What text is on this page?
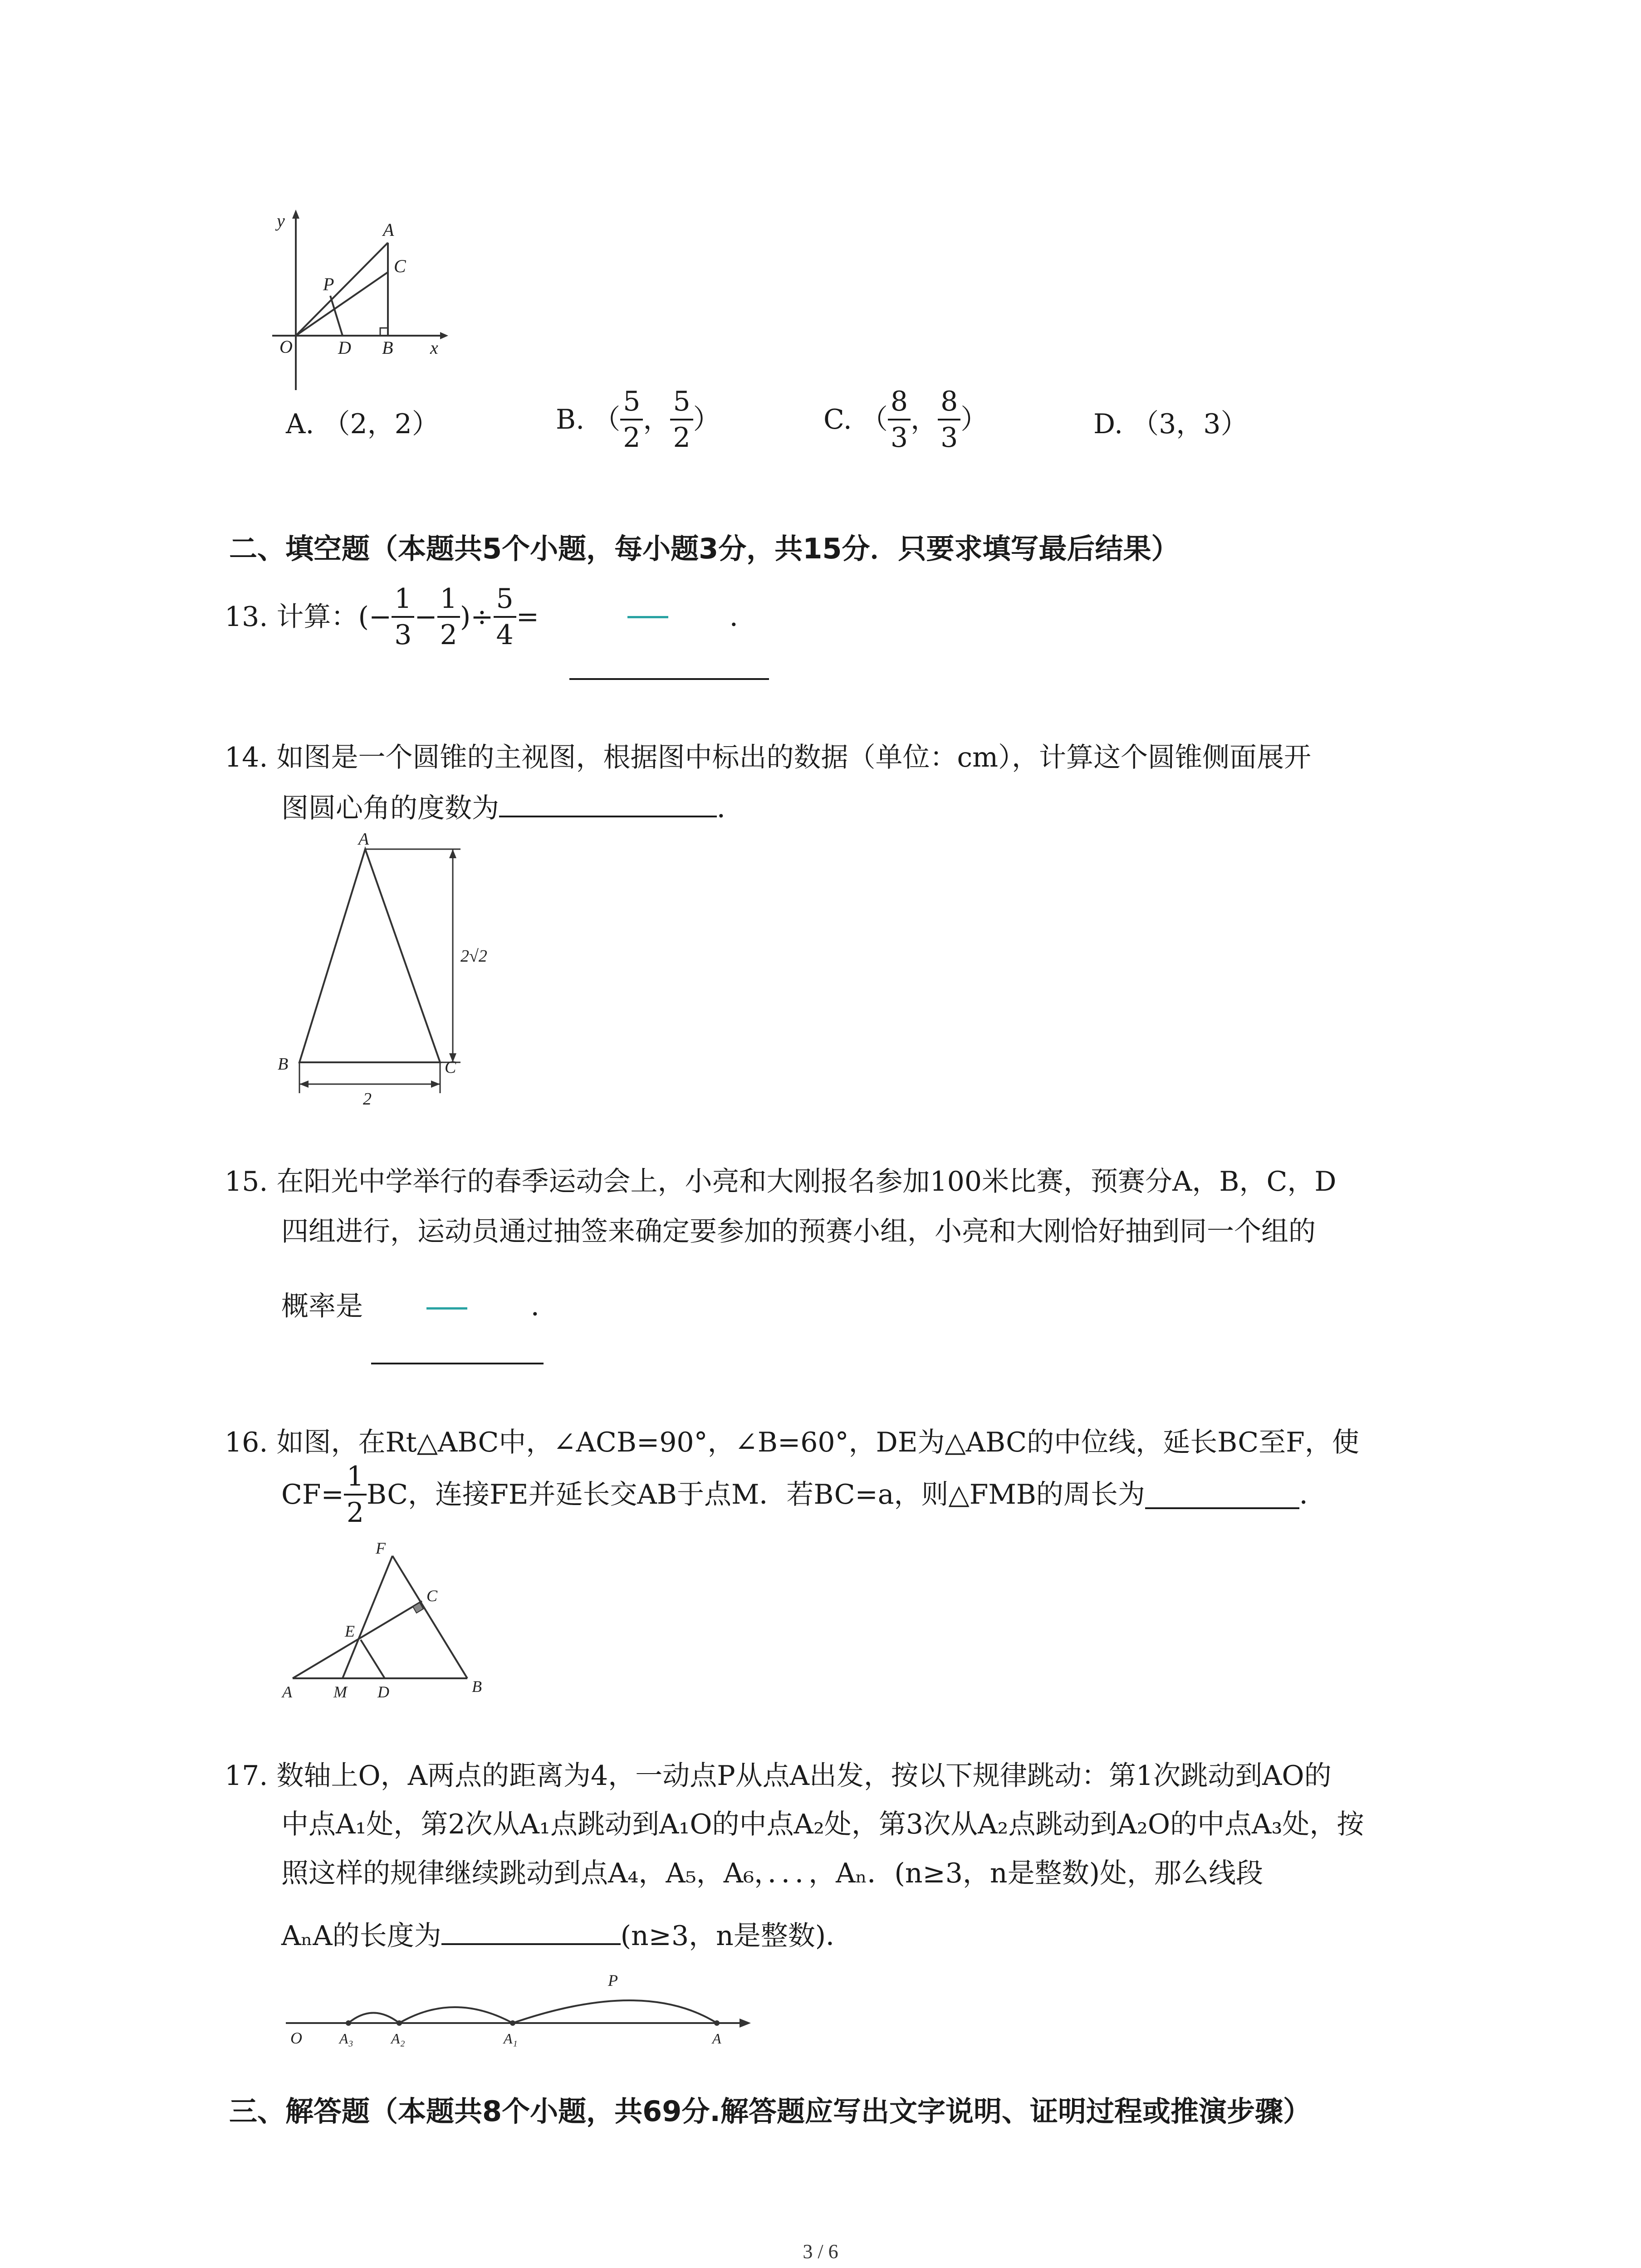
y
x
O
A
C
P
D B
A. （2，2）	B. （ $\frac{5}{2}$ ， $\frac{5}{2}$ ）	C. （ $\frac{8}{3}$ ， $\frac{8}{3}$ ）	D. （3，3）
二、填空题（本题共5个小题，每小题3分，共15分．只要求填写最后结果）
13.
计算： (− $\frac{1}{3} - \frac{1}{2}$ )÷ $\frac{5}{4}$ =	．
14. 如图是一个圆锥的主视图，根据图中标出的数据（单位：cm），计算这个圆锥侧面展开
图圆心角的度数为	．
A
B	C
2√2
2
15. 在阳光中学举行的春季运动会上，小亮和大刚报名参加100米比赛，预赛分A，B，C，D
四组进行，运动员通过抽签来确定要参加的预赛小组，小亮和大刚恰好抽到同一个组的
概率是	．
16. 如图，在Rt△ABC中，∠ACB=90°，∠B=60°，DE为△ABC的中位线，延长BC至F，使
$CF= \frac{1}{2}$ BC，连接FE并延长交AB于点M．若BC=a，则△FMB的周长为	．
F
C
E
A	M D	B
17. 数轴上O，A两点的距离为4，一动点P从点A出发，按以下规律跳动：第1次跳动到AO的
中点A₁处，第2次从A₁点跳动到A₁O的中点A₂处，第3次从A₂点跳动到A₂O的中点A₃处，按
照这样的规律继续跳动到点A₄，A₅，A₆，．．．，Aₙ．(n≥3，n是整数)处，那么线段
AₙA的长度为	(n≥3，n是整数)．
O	A₃	A₂	A₁	A
P
三、解答题（本题共8个小题，共69分.解答题应写出文字说明、证明过程或推演步骤）
3 / 6
